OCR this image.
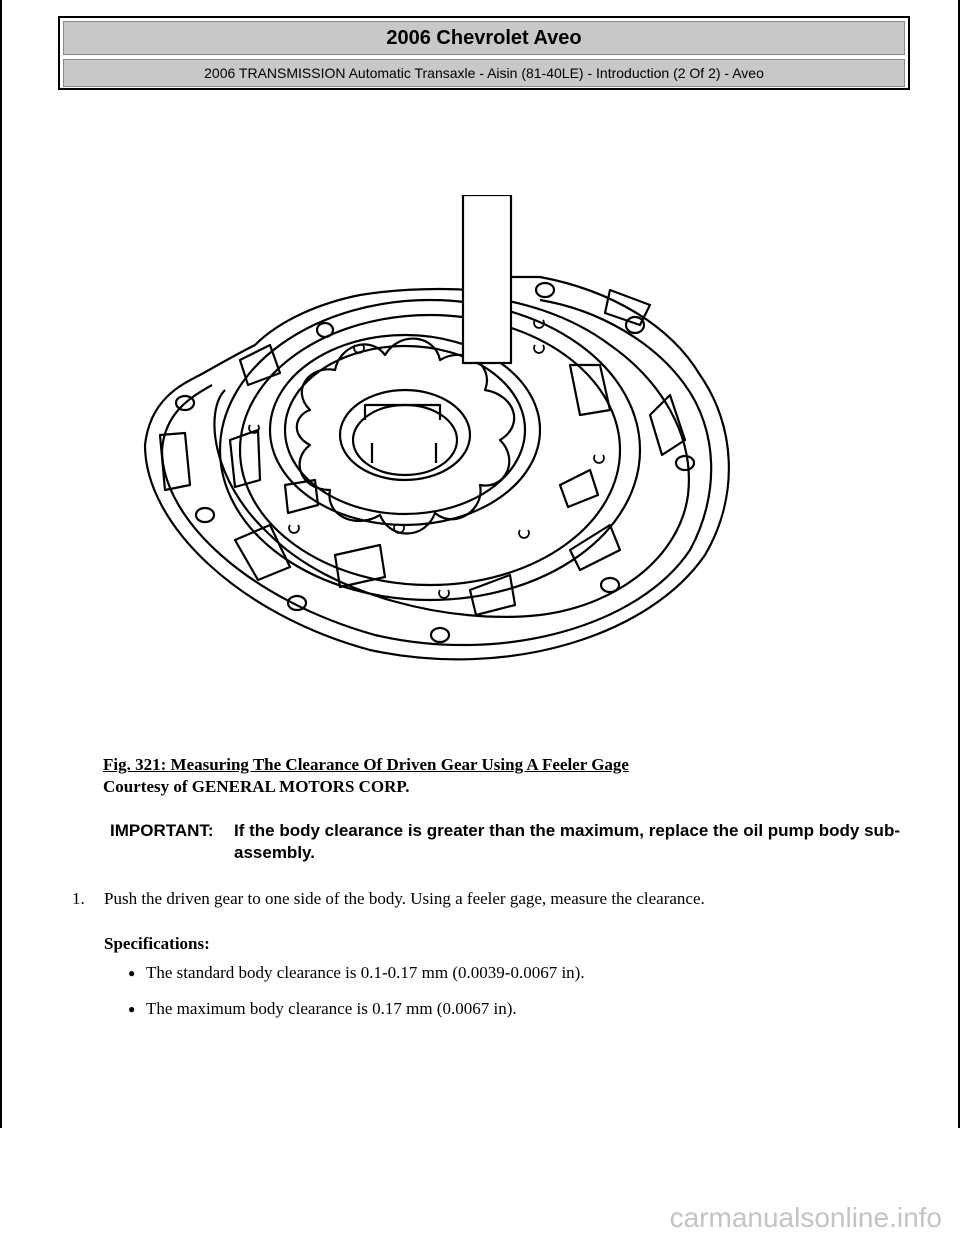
2006 Chevrolet Aveo
2006 TRANSMISSION Automatic Transaxle - Aisin (81-40LE) - Introduction (2 Of 2) - Aveo
Fig. 321: Measuring The Clearance Of Driven Gear Using A Feeler Gage
Courtesy of GENERAL MOTORS CORP.
IMPORTANT:	If the body clearance is greater than the maximum, replace the oil pump body sub-assembly.
1.	Push the driven gear to one side of the body. Using a feeler gage, measure the clearance.
Specifications:
● The standard body clearance is 0.1-0.17 mm (0.0039-0.0067 in).
● The maximum body clearance is 0.17 mm (0.0067 in).
carmanualsonline.info
